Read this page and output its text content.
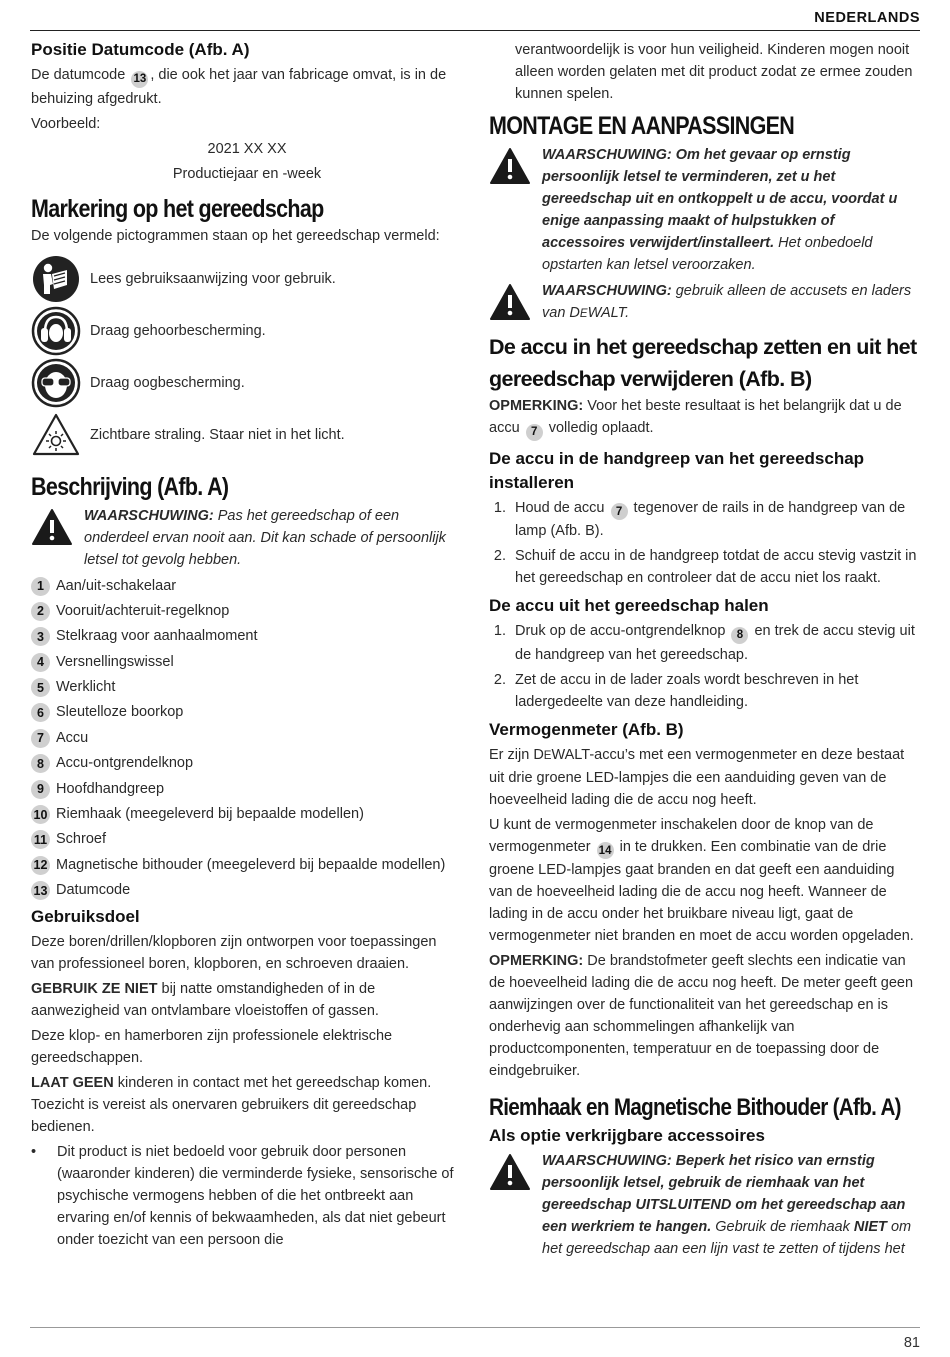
NEDERLANDS
81
Positie Datumcode (Afb. A)

De datumcode 13 , die ook het jaar van fabricage omvat, is in de behuizing afgedrukt.

Voorbeeld:

2021 XX XX

Productiejaar en -week

Markering op het gereedschap

De volgende pictogrammen staan op het gereedschap vermeld:

Lees gebruiksaanwijzing voor gebruik.
Draag gehoorbescherming.
Draag oogbescherming.
Zichtbare straling. Staar niet in het licht.
Beschrijving (Afb. A)
WAARSCHUWING: Pas het gereedschap of een onderdeel ervan nooit aan. Dit kan schade of persoonlijk letsel tot gevolg hebben.
1 Aan/uit-schakelaar
2 Vooruit/achteruit-regelknop
3 Stelkraag voor aanhaalmoment
4 Versnellingswissel
5 Werklicht
6 Sleutelloze boorkop
7 Accu
8 Accu-ontgrendelknop
9 Hoofdhandgreep
10 Riemhaak (meegeleverd bij bepaalde modellen)
11 Schroef
12 Magnetische bithouder (meegeleverd bij bepaalde modellen)
13 Datumcode
Gebruiksdoel

Deze boren/drillen/klopboren zijn ontworpen voor toepassingen van professioneel boren, klopboren, en schroeven draaien.

GEBRUIK ZE NIET bij natte omstandigheden of in de aanwezigheid van ontvlambare vloeistoffen of gassen.

Deze klop- en hamerboren zijn professionele elektrische gereedschappen.

LAAT GEEN kinderen in contact met het gereedschap komen. Toezicht is vereist als onervaren gebruikers dit gereedschap bedienen.

•	Dit product is niet bedoeld voor gebruik door personen (waaronder kinderen) die verminderde fysieke, sensorische of psychische vermogens hebben of die het ontbreekt aan ervaring en/of kennis of bekwaamheden, als dat niet gebeurt onder toezicht van een persoon die

verantwoordelijk is voor hun veiligheid. Kinderen mogen nooit alleen worden gelaten met dit product zodat ze ermee zouden kunnen spelen.

MONTAGE EN AANPASSINGEN
WAARSCHUWING: Om het gevaar op ernstig persoonlijk letsel te verminderen, zet u het gereedschap uit en ontkoppelt u de accu, voordat u enige aanpassing maakt of hulpstukken of accessoires verwijdert/installeert. Het onbedoeld opstarten kan letsel veroorzaken.
WAARSCHUWING: gebruik alleen de accusets en laders van DEWALT.
De accu in het gereedschap zetten en uit het gereedschap verwijderen (Afb. B)

OPMERKING: Voor het beste resultaat is het belangrijk dat u de accu 7 volledig oplaadt.

De accu in de handgreep van het gereedschap installeren
1. Houd de accu 7 tegenover de rails in de handgreep van de lamp (Afb. B).
2. Schuif de accu in de handgreep totdat de accu stevig vastzit in het gereedschap en controleer dat de accu niet los raakt.
De accu uit het gereedschap halen
1. Druk op de accu-ontgrendelknop 8 en trek de accu stevig uit de handgreep van het gereedschap.
2. Zet de accu in de lader zoals wordt beschreven in het ladergedeelte van deze handleiding.
Vermogenmeter (Afb. B)

Er zijn DEWALT-accu’s met een vermogenmeter en deze bestaat uit drie groene LED-lampjes die een aanduiding geven van de hoeveelheid lading die de accu nog heeft.

U kunt de vermogenmeter inschakelen door de knop van de vermogenmeter 14 in te drukken. Een combinatie van de drie groene LED-lampjes gaat branden en dat geeft een aanduiding van de hoeveelheid lading die de accu nog heeft. Wanneer de lading in de accu onder het bruikbare niveau ligt, gaat de vermogenmeter niet branden en moet de accu worden opgeladen.

OPMERKING: De brandstofmeter geeft slechts een indicatie van de hoeveelheid lading die de accu nog heeft. De meter geeft geen aanwijzingen over de functionaliteit van het gereedschap en is onderhevig aan schommelingen afhankelijk van productcomponenten, temperatuur en de toepassing door de eindgebruiker.

Riemhaak en Magnetische Bithouder (Afb. A)
Als optie verkrijgbare accessoires
WAARSCHUWING: Beperk het risico van ernstig persoonlijk letsel, gebruik de riemhaak van het gereedschap UITSLUITEND om het gereedschap aan een werkriem te hangen. Gebruik de riemhaak NIET om het gereedschap aan een lijn vast te zetten of tijdens het
